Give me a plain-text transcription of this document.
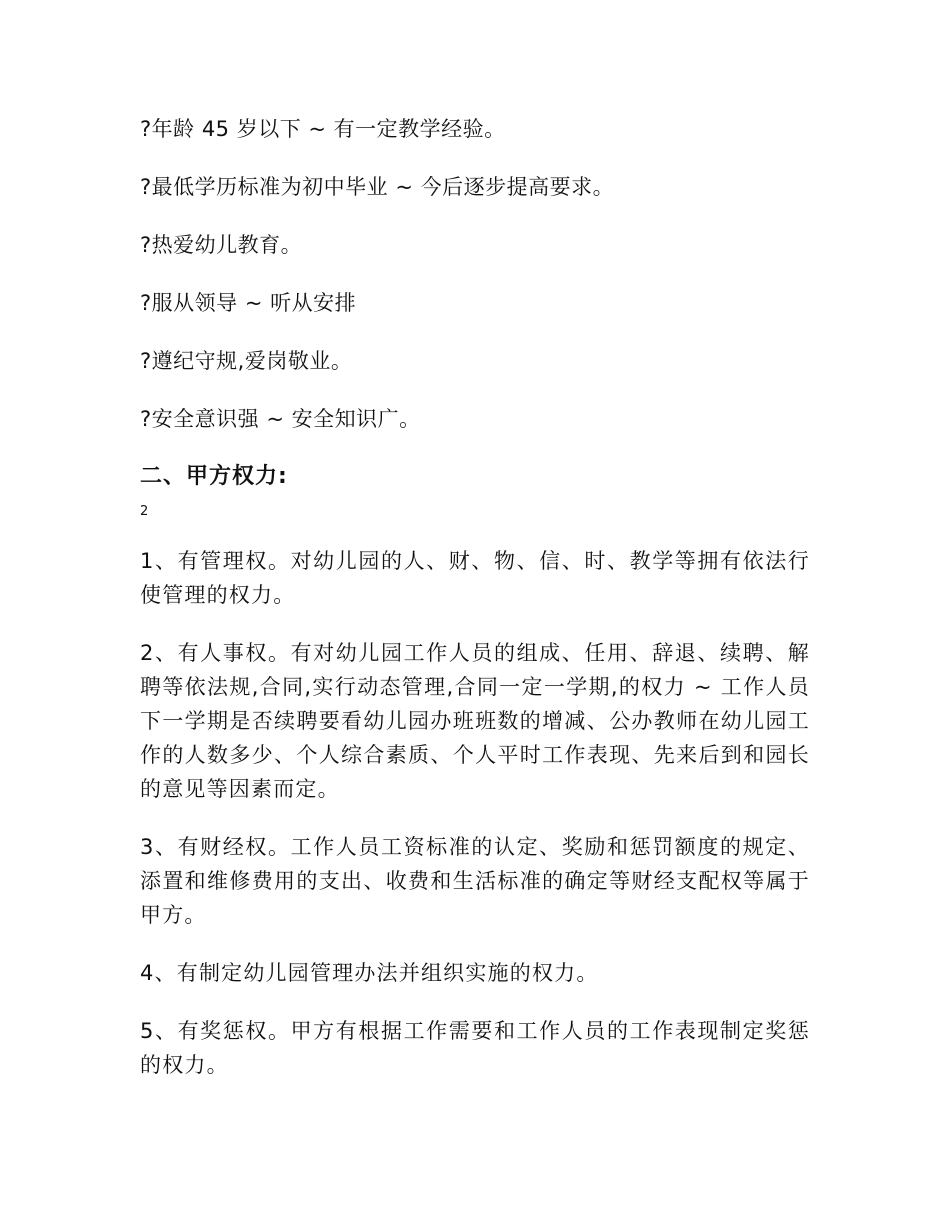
?年龄 45 岁以下 ~ 有一定教学经验。

?最低学历标准为初中毕业 ~ 今后逐步提高要求。

?热爱幼儿教育。

?服从领导 ~ 听从安排

?遵纪守规,爱岗敬业。

?安全意识强 ~ 安全知识广。

二、甲方权力:
2

1、有管理权。对幼儿园的人、财、物、信、时、教学等拥有依法行使管理的权力。

2、有人事权。有对幼儿园工作人员的组成、任用、辞退、续聘、解聘等依法规,合同,实行动态管理,合同一定一学期,的权力 ~ 工作人员下一学期是否续聘要看幼儿园办班班数的增减、公办教师在幼儿园工作的人数多少、个人综合素质、个人平时工作表现、先来后到和园长的意见等因素而定。

3、有财经权。工作人员工资标准的认定、奖励和惩罚额度的规定、添置和维修费用的支出、收费和生活标准的确定等财经支配权等属于甲方。

4、有制定幼儿园管理办法并组织实施的权力。

5、有奖惩权。甲方有根据工作需要和工作人员的工作表现制定奖惩的权力。
